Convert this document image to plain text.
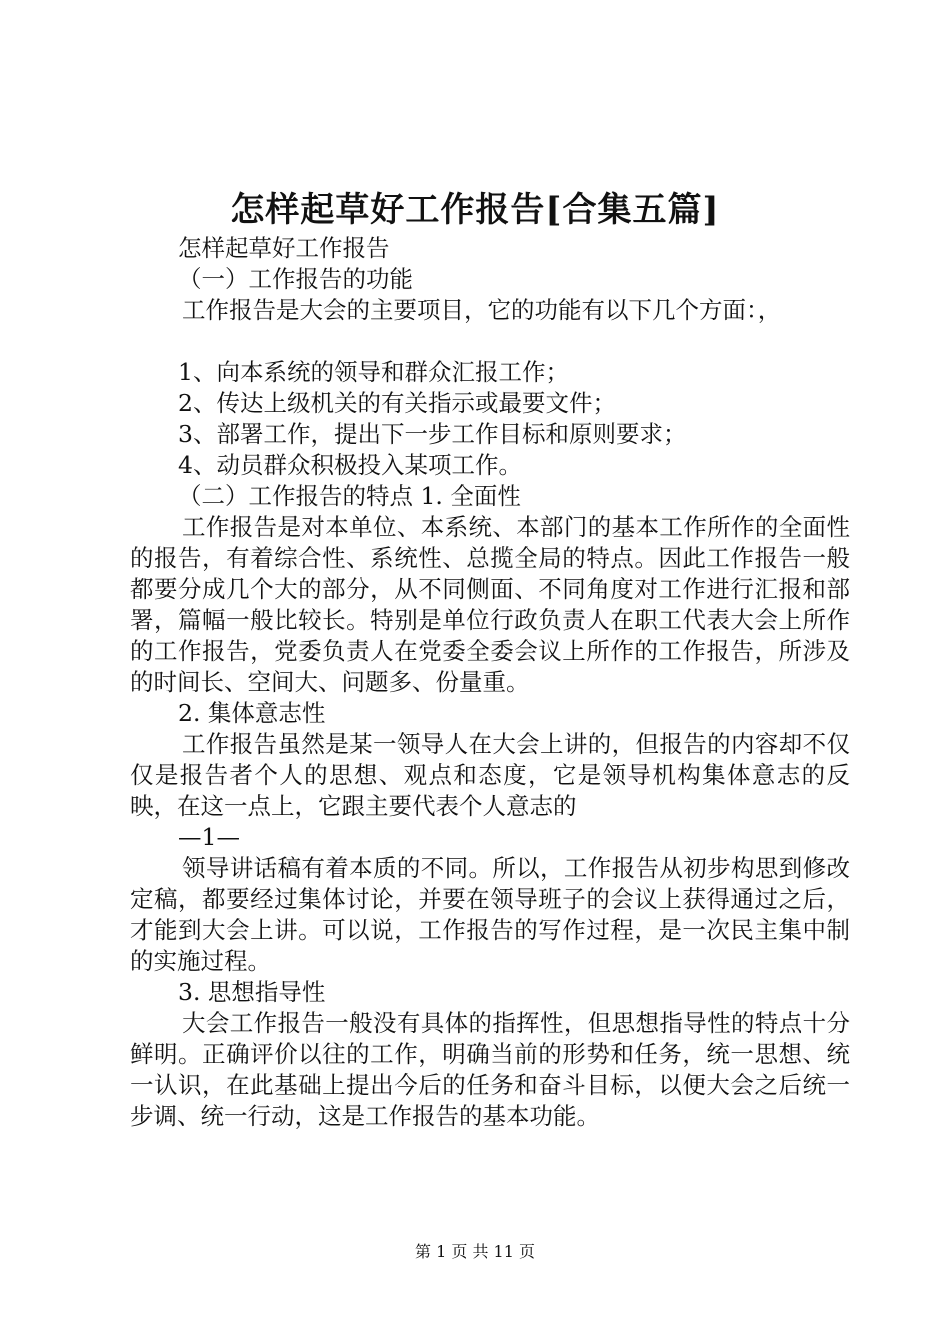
怎样起草好工作报告[合集五篇]
怎样起草好工作报告
（一）工作报告的功能
工作报告是大会的主要项目，它的功能有以下几个方面：，
1、向本系统的领导和群众汇报工作；
2、传达上级机关的有关指示或最要文件；
3、部署工作，提出下一步工作目标和原则要求；
4、动员群众积极投入某项工作。
（二）工作报告的特点 1. 全面性
工作报告是对本单位、本系统、本部门的基本工作所作的全面性的报告，有着综合性、系统性、总揽全局的特点。因此工作报告一般都要分成几个大的部分，从不同侧面、不同角度对工作进行汇报和部署，篇幅一般比较长。特别是单位行政负责人在职工代表大会上所作的工作报告，党委负责人在党委全委会议上所作的工作报告，所涉及的时间长、空间大、问题多、份量重。
2. 集体意志性
工作报告虽然是某一领导人在大会上讲的，但报告的内容却不仅仅是报告者个人的思想、观点和态度，它是领导机构集体意志的反映，在这一点上，它跟主要代表个人意志的
—1—
领导讲话稿有着本质的不同。所以，工作报告从初步构思到修改定稿，都要经过集体讨论，并要在领导班子的会议上获得通过之后，才能到大会上讲。可以说，工作报告的写作过程，是一次民主集中制的实施过程。
3. 思想指导性
大会工作报告一般没有具体的指挥性，但思想指导性的特点十分鲜明。正确评价以往的工作，明确当前的形势和任务，统一思想、统一认识，在此基础上提出今后的任务和奋斗目标，以便大会之后统一步调、统一行动，这是工作报告的基本功能。
第 1 页 共 11 页
